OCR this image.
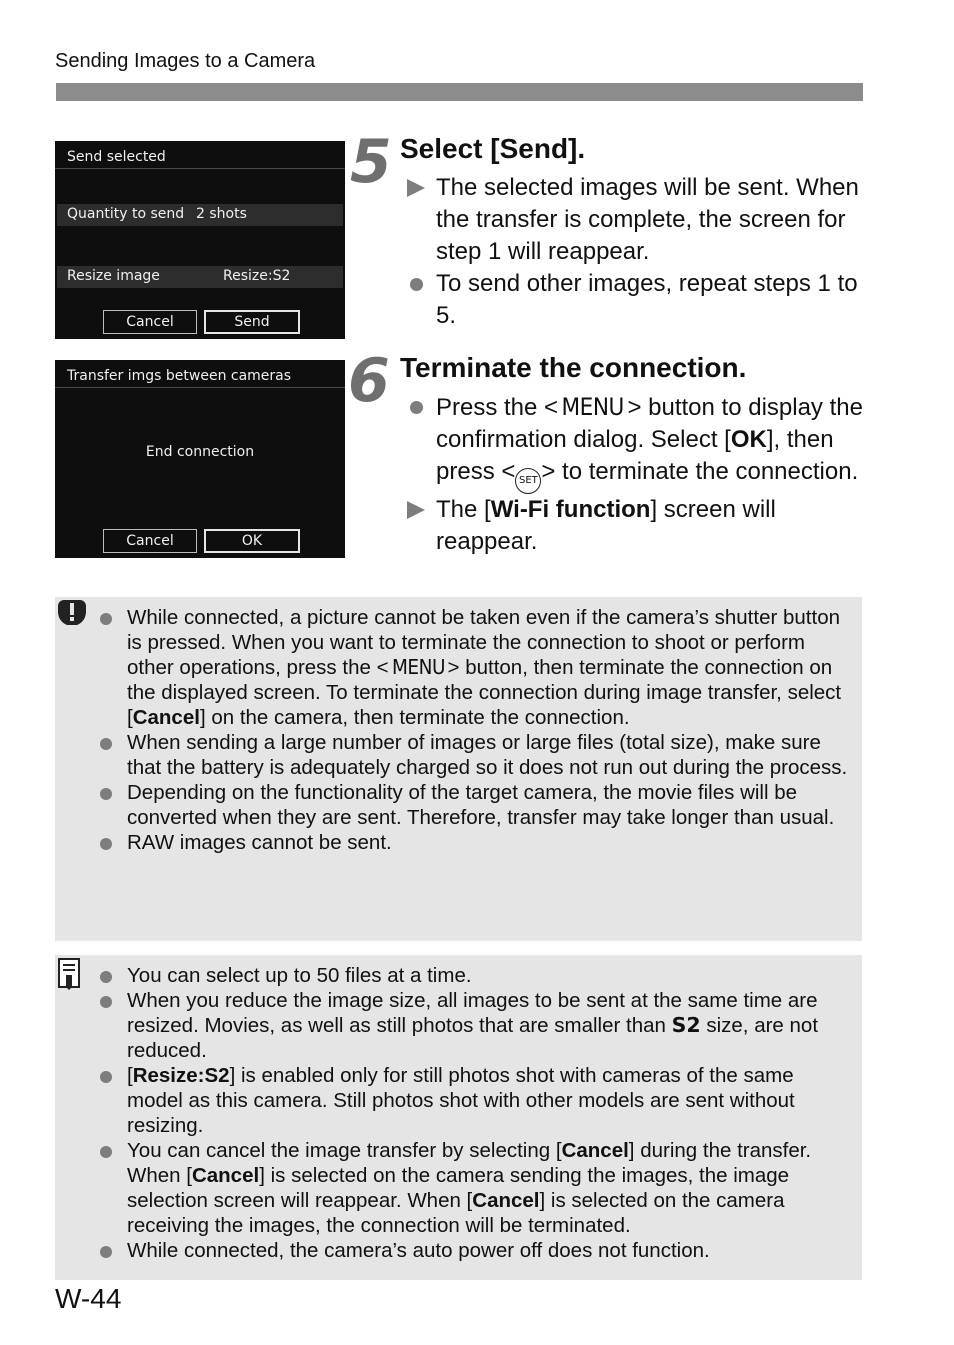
Sending Images to a Camera
Send selected
Quantity to send 2 shots
Resize image	Resize:S2
Cancel	Send
Transfer imgs between cameras
End connection
Cancel	OK
5 Select [Send].
The selected images will be sent. When the transfer is complete, the screen for step 1 will reappear.
To send other images, repeat steps 1 to 5.
6 Terminate the connection.
Press the < MENU > button to display the confirmation dialog. Select [OK], then press < SET > to terminate the connection.
The [Wi-Fi function] screen will reappear.
While connected, a picture cannot be taken even if the camera’s shutter button is pressed. When you want to terminate the connection to shoot or perform other operations, press the < MENU > button, then terminate the connection on the displayed screen. To terminate the connection during image transfer, select [Cancel] on the camera, then terminate the connection.
When sending a large number of images or large files (total size), make sure that the battery is adequately charged so it does not run out during the process.
Depending on the functionality of the target camera, the movie files will be converted when they are sent. Therefore, transfer may take longer than usual.
RAW images cannot be sent.
You can select up to 50 files at a time.
When you reduce the image size, all images to be sent at the same time are resized. Movies, as well as still photos that are smaller than S2 size, are not reduced.
[Resize:S2] is enabled only for still photos shot with cameras of the same model as this camera. Still photos shot with other models are sent without resizing.
You can cancel the image transfer by selecting [Cancel] during the transfer. When [Cancel] is selected on the camera sending the images, the image selection screen will reappear. When [Cancel] is selected on the camera receiving the images, the connection will be terminated.
While connected, the camera’s auto power off does not function.
W-44
